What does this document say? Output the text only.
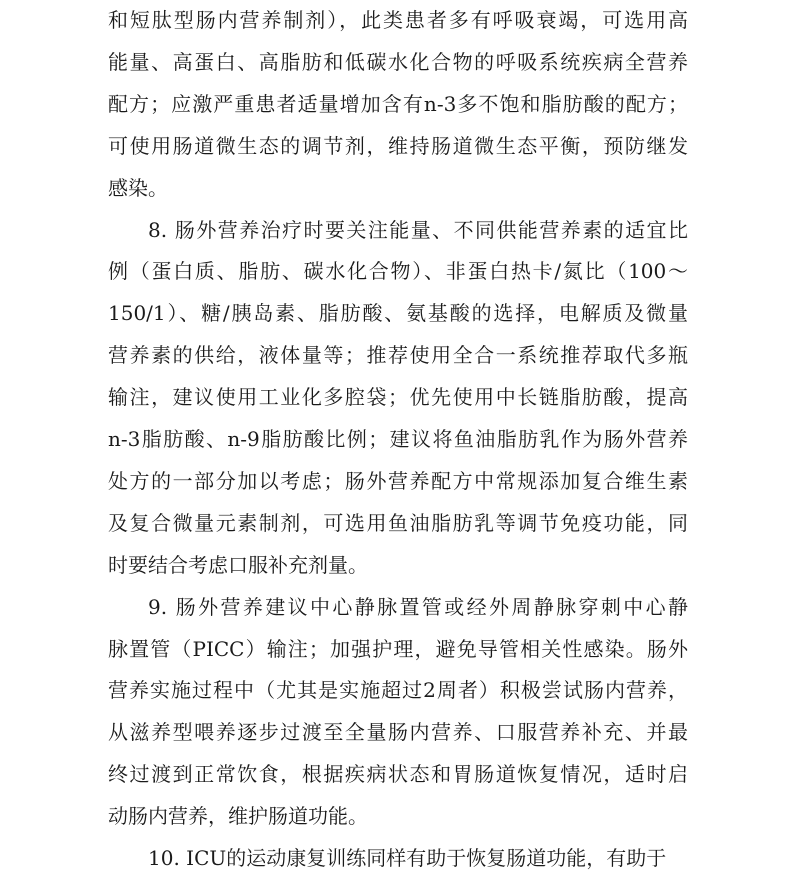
和短肽型肠内营养制剂），此类患者多有呼吸衰竭，可选用高
能量、高蛋白、高脂肪和低碳水化合物的呼吸系统疾病全营养
配方；应激严重患者适量增加含有n-3多不饱和脂肪酸的配方；
可使用肠道微生态的调节剂，维持肠道微生态平衡，预防继发
感染。
8. 肠外营养治疗时要关注能量、不同供能营养素的适宜比
例（蛋白质、脂肪、碳水化合物）、非蛋白热卡/氮比（100～
150/1）、糖/胰岛素、脂肪酸、氨基酸的选择，电解质及微量
营养素的供给，液体量等；推荐使用全合一系统推荐取代多瓶
输注，建议使用工业化多腔袋；优先使用中长链脂肪酸，提高
n-3脂肪酸、n-9脂肪酸比例；建议将鱼油脂肪乳作为肠外营养
处方的一部分加以考虑；肠外营养配方中常规添加复合维生素
及复合微量元素制剂，可选用鱼油脂肪乳等调节免疫功能，同
时要结合考虑口服补充剂量。
9. 肠外营养建议中心静脉置管或经外周静脉穿刺中心静
脉置管（PICC）输注；加强护理，避免导管相关性感染。肠外
营养实施过程中（尤其是实施超过2周者）积极尝试肠内营养，
从滋养型喂养逐步过渡至全量肠内营养、口服营养补充、并最
终过渡到正常饮食，根据疾病状态和胃肠道恢复情况，适时启
动肠内营养，维护肠道功能。
10. ICU的运动康复训练同样有助于恢复肠道功能，有助于
